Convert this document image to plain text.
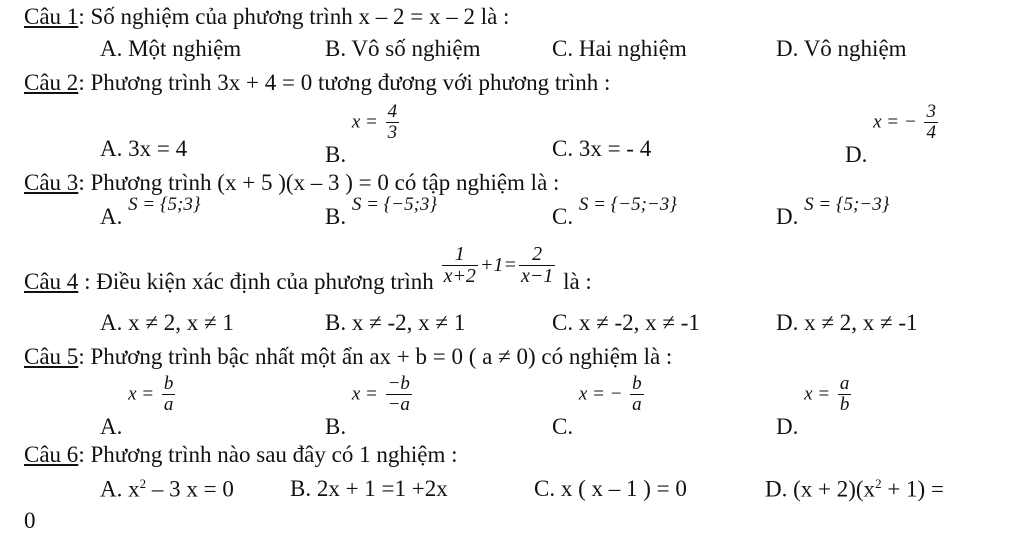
Câu 1: Số nghiệm của phương trình x – 2 = x – 2 là :
A. Một nghiệm	B. Vô số nghiệm	C. Hai nghiệm	D. Vô nghiệm
Câu 2: Phương trình 3x + 4 = 0 tương đương với phương trình :
A. 3x = 4	B. $x = \frac{4}{3}$
C. 3x = - 4	D. x = − $\frac{3}{4}$
Câu 3: Phương trình (x + 5 )(x – 3 ) = 0 có tập nghiệm là :
A. $^{S = \{5;3\}}$	B. $^{S = \{-5;3\}}$	C. $^{S = \{-5;-3\}}$	D. $^{S = \{5;-3\}}$
Câu 4 : Điều kiện xác định của phương trình $\frac{1}{x+2} +1= \frac{2}{x-1}$ là :
A. x ≠ 2, x ≠ 1	B. x ≠ -2, x ≠ 1	C. x ≠ -2, x ≠ -1	D. x ≠ 2, x ≠ -1
Câu 5: Phương trình bậc nhất một ẩn ax + b = 0 ( a ≠ 0) có nghiệm là :
A. $x = \frac{b}{a}$
B. $x = \frac{-b}{-a}$
C. x = − $\frac{b}{a}$
D. $x = \frac{a}{b}$
Câu 6: Phương trình nào sau đây có 1 nghiệm :
A. $x^2 - 3$ x = 0 B. 2x + 1 =1 +2x	C. x ( x – 1 ) = 0	D. $(x + 2)(x^2 + 1)$ =
0
